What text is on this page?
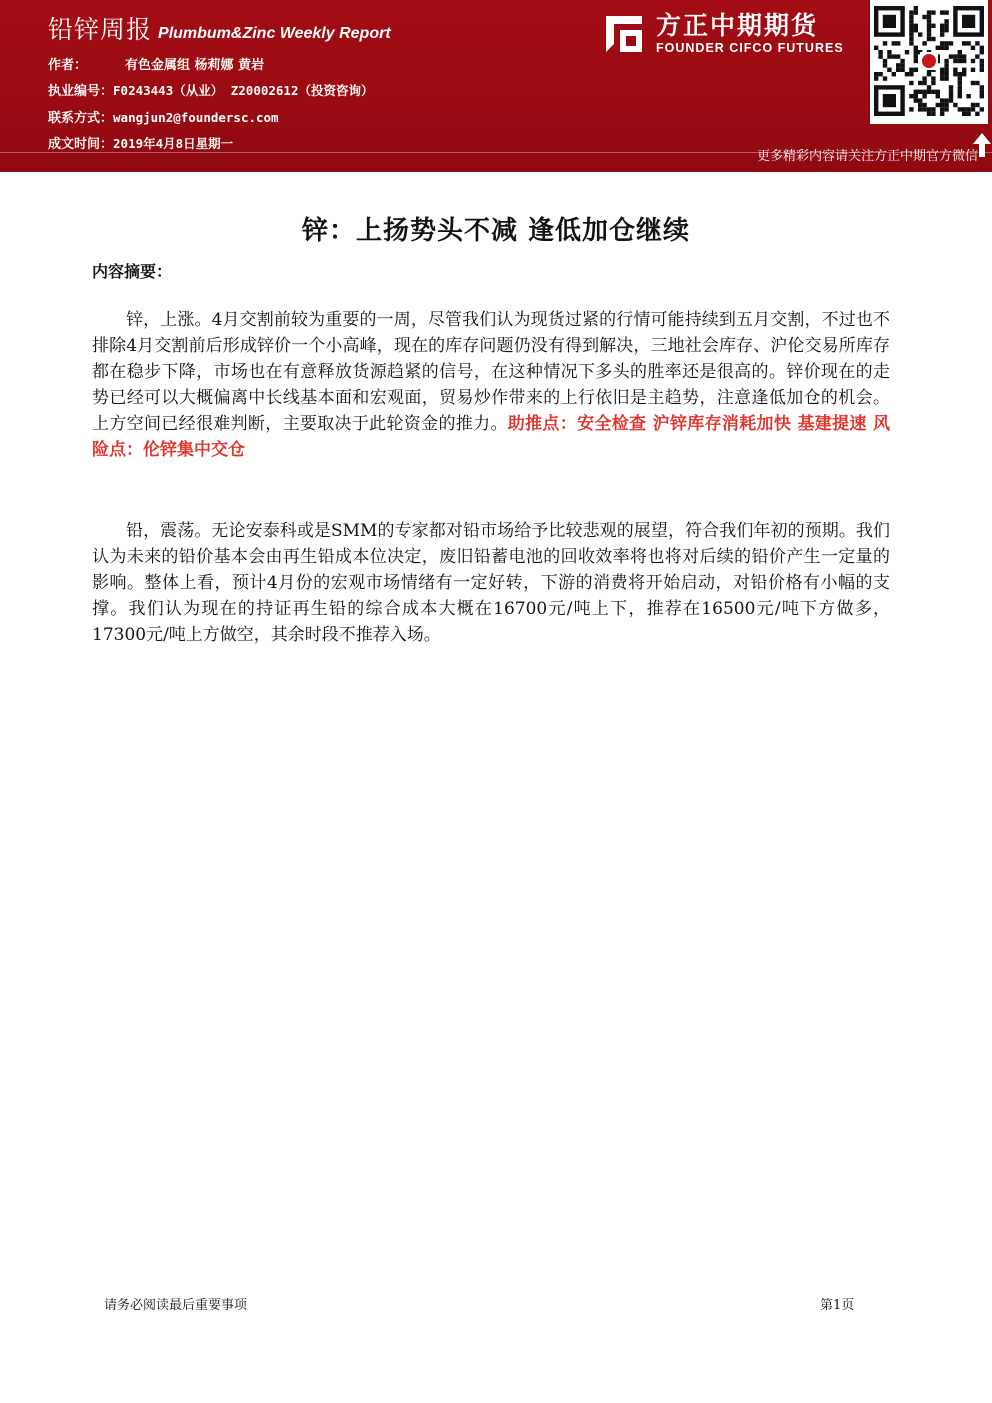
铅锌周报 Plumbum&Zinc Weekly Report
作者：	有色金属组 杨莉娜 黄岩
执业编号：F0243443（从业） Z20002612（投资咨询）
联系方式：wangjun2@foundersc.com
成文时间：2019年4月8日星期一
方正中期期货
FOUNDER CIFCO FUTURES
更多精彩内容请关注方正中期官方微信
锌：上扬势头不减 逢低加仓继续
内容摘要：

锌，上涨。4月交割前较为重要的一周，尽管我们认为现货过紧的行情可能持续到五月交割，不过也不排除4月交割前后形成锌价一个小高峰，现在的库存问题仍没有得到解决，三地社会库存、沪伦交易所库存都在稳步下降，市场也在有意释放货源趋紧的信号，在这种情况下多头的胜率还是很高的。锌价现在的走势已经可以大概偏离中长线基本面和宏观面，贸易炒作带来的上行依旧是主趋势，注意逢低加仓的机会。上方空间已经很难判断，主要取决于此轮资金的推力。助推点：安全检查 沪锌库存消耗加快 基建提速 风险点：伦锌集中交仓

铅，震荡。无论安泰科或是SMM的专家都对铅市场给予比较悲观的展望，符合我们年初的预期。我们认为未来的铅价基本会由再生铅成本位决定，废旧铅蓄电池的回收效率将也将对后续的铅价产生一定量的影响。整体上看，预计4月份的宏观市场情绪有一定好转，下游的消费将开始启动，对铅价格有小幅的支撑。我们认为现在的持证再生铅的综合成本大概在16700元/吨上下，推荐在16500元/吨下方做多，17300元/吨上方做空，其余时段不推荐入场。

请务必阅读最后重要事项	第1页
